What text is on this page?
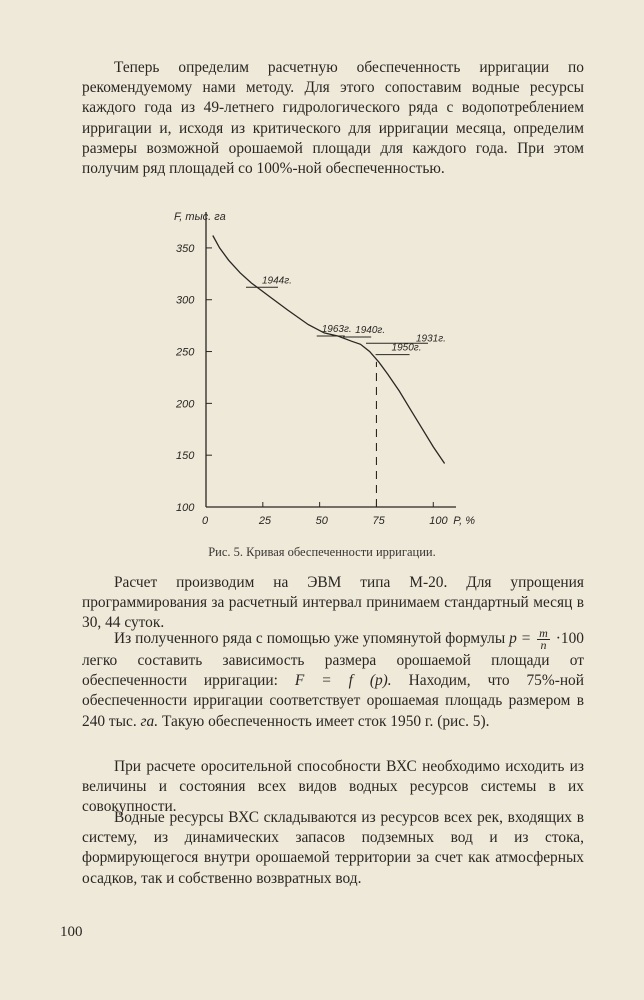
Теперь определим расчетную обеспеченность ирригации по рекомендуемому нами методу. Для этого сопоставим водные ресурсы каждого года из 49-летнего гидрологического ряда с водопотреблением ирригации и, исходя из критического для ирригации месяца, определим размеры возможной орошаемой площади для каждого года. При этом получим ряд площадей со 100%-ной обеспеченностью.

F, тыс. га
P, %
100
150
200
250
300
350
0	25	50	75	100
1944г.
1963г. 1940г.
1931г.
1950г.
Рис. 5. Кривая обеспеченности ирригации.

Расчет производим на ЭВМ типа М-20. Для упрощения программирования за расчетный интервал принимаем стандартный месяц в 30, 44 суток.

Из полученного ряда с помощью уже упомянутой формулы $p = \frac{m}{n} \cdot 100$ легко составить зависимость размера орошаемой площади от обеспеченности ирригации: F = f (p). Находим, что 75%-ной обеспеченности ирригации соответствует орошаемая площадь размером в 240 тыс. га. Такую обеспеченность имеет сток 1950 г. (рис. 5).

При расчете оросительной способности ВХС необходимо исходить из величины и состояния всех видов водных ресурсов системы в их совокупности.

Водные ресурсы ВХС складываются из ресурсов всех рек, входящих в систему, из динамических запасов подземных вод и из стока, формирующегося внутри орошаемой территории за счет как атмосферных осадков, так и собственно возвратных вод.

100
